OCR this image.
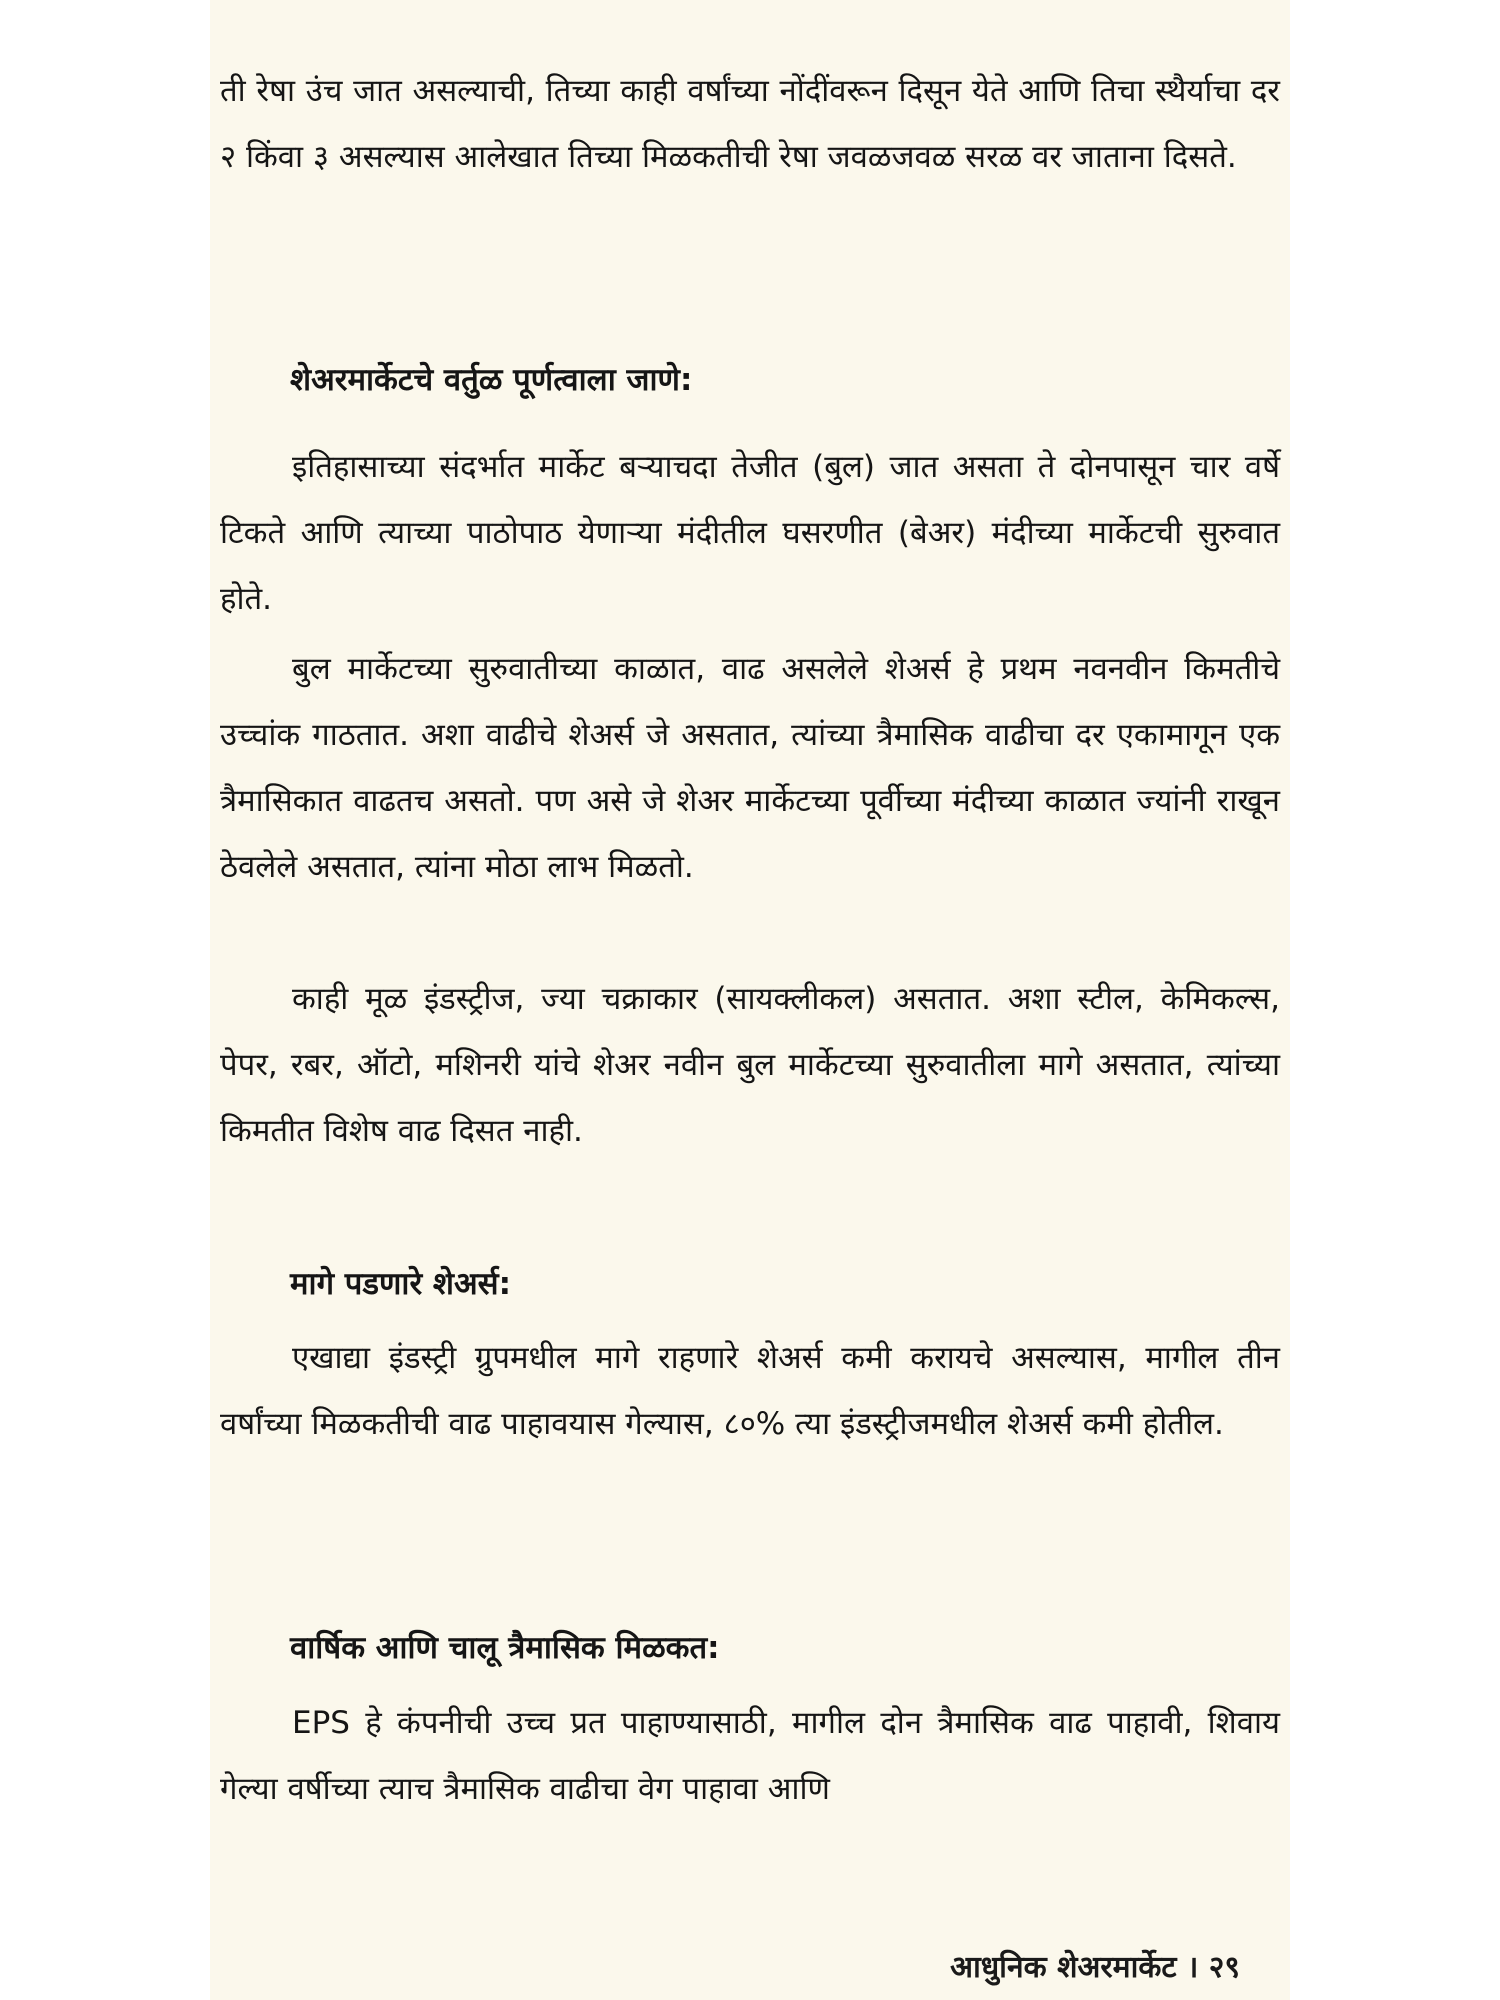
ती रेषा उंच जात असल्याची, तिच्या काही वर्षांच्या नोंदींवरून दिसून येते आणि तिचा स्थैर्याचा दर २ किंवा ३ असल्यास आलेखात तिच्या मिळकतीची रेषा जवळजवळ सरळ वर जाताना दिसते.

शेअरमार्केटचे वर्तुळ पूर्णत्वाला जाणे:

इतिहासाच्या संदर्भात मार्केट बऱ्याचदा तेजीत (बुल) जात असता ते दोनपासून चार वर्षे टिकते आणि त्याच्या पाठोपाठ येणाऱ्या मंदीतील घसरणीत (बेअर) मंदीच्या मार्केटची सुरुवात होते.

बुल मार्केटच्या सुरुवातीच्या काळात, वाढ असलेले शेअर्स हे प्रथम नवनवीन किमतीचे उच्चांक गाठतात. अशा वाढीचे शेअर्स जे असतात, त्यांच्या त्रैमासिक वाढीचा दर एकामागून एक त्रैमासिकात वाढतच असतो. पण असे जे शेअर मार्केटच्या पूर्वीच्या मंदीच्या काळात ज्यांनी राखून ठेवलेले असतात, त्यांना मोठा लाभ मिळतो.

काही मूळ इंडस्ट्रीज, ज्या चक्राकार (सायक्लीकल) असतात. अशा स्टील, केमिकल्स, पेपर, रबर, ऑटो, मशिनरी यांचे शेअर नवीन बुल मार्केटच्या सुरुवातीला मागे असतात, त्यांच्या किमतीत विशेष वाढ दिसत नाही.

मागे पडणारे शेअर्स:

एखाद्या इंडस्ट्री ग्रुपमधील मागे राहणारे शेअर्स कमी करायचे असल्यास, मागील तीन वर्षांच्या मिळकतीची वाढ पाहावयास गेल्यास, ८०% त्या इंडस्ट्रीजमधील शेअर्स कमी होतील.

वार्षिक आणि चालू त्रैमासिक मिळकत:

EPS हे कंपनीची उच्च प्रत पाहाण्यासाठी, मागील दोन त्रैमासिक वाढ पाहावी, शिवाय गेल्या वर्षीच्या त्याच त्रैमासिक वाढीचा वेग पाहावा आणि

आधुनिक शेअरमार्केट । २९
